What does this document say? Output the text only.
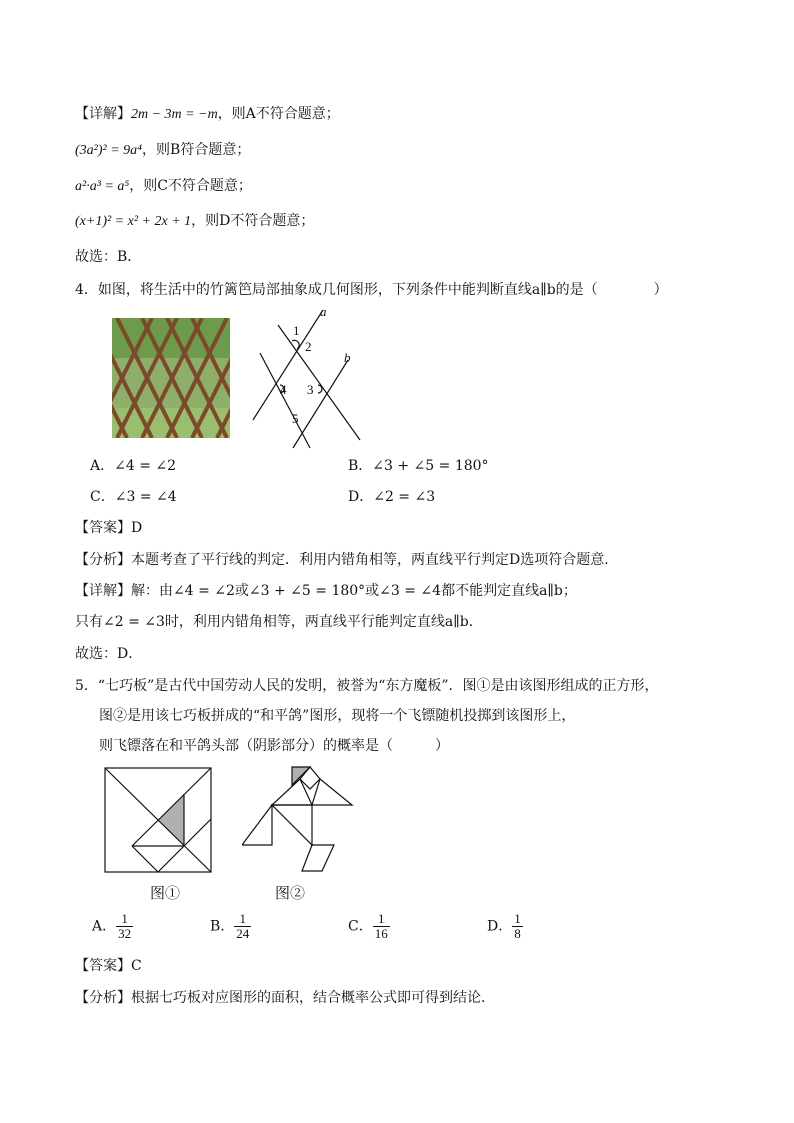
【详解】2m − 3m = −m，则A不符合题意；
(3a²)² = 9a⁴，则B符合题意；
a²·a³ = a⁵，则C不符合题意；
(x+1)² = x² + 2x + 1，则D不符合题意；
故选：B．
4．如图，将生活中的竹篱笆局部抽象成几何图形，下列条件中能判断直线a∥b的是（　　　　）
a
b
1
2
3
4
5
A．∠4 = ∠2	B．∠3 + ∠5 = 180°
C．∠3 = ∠4	D．∠2 = ∠3
【答案】D
【分析】本题考查了平行线的判定．利用内错角相等，两直线平行判定D选项符合题意．
【详解】解：由∠4 = ∠2或∠3 + ∠5 = 180°或∠3 = ∠4都不能判定直线a∥b；
只有∠2 = ∠3时，利用内错角相等，两直线平行能判定直线a∥b．
故选：D．
5．“七巧板”是古代中国劳动人民的发明，被誉为“东方魔板”．图①是由该图形组成的正方形，
图②是用该七巧板拼成的“和平鸽”图形，现将一个飞镖随机投掷到该图形上，
则飞镖落在和平鸽头部（阴影部分）的概率是（　　　）
图①	图②
A． $\frac{1}{32}$	B． $\frac{1}{24}$	C． $\frac{1}{16}$	D． $\frac{1}{8}$
【答案】C
【分析】根据七巧板对应图形的面积，结合概率公式即可得到结论．
